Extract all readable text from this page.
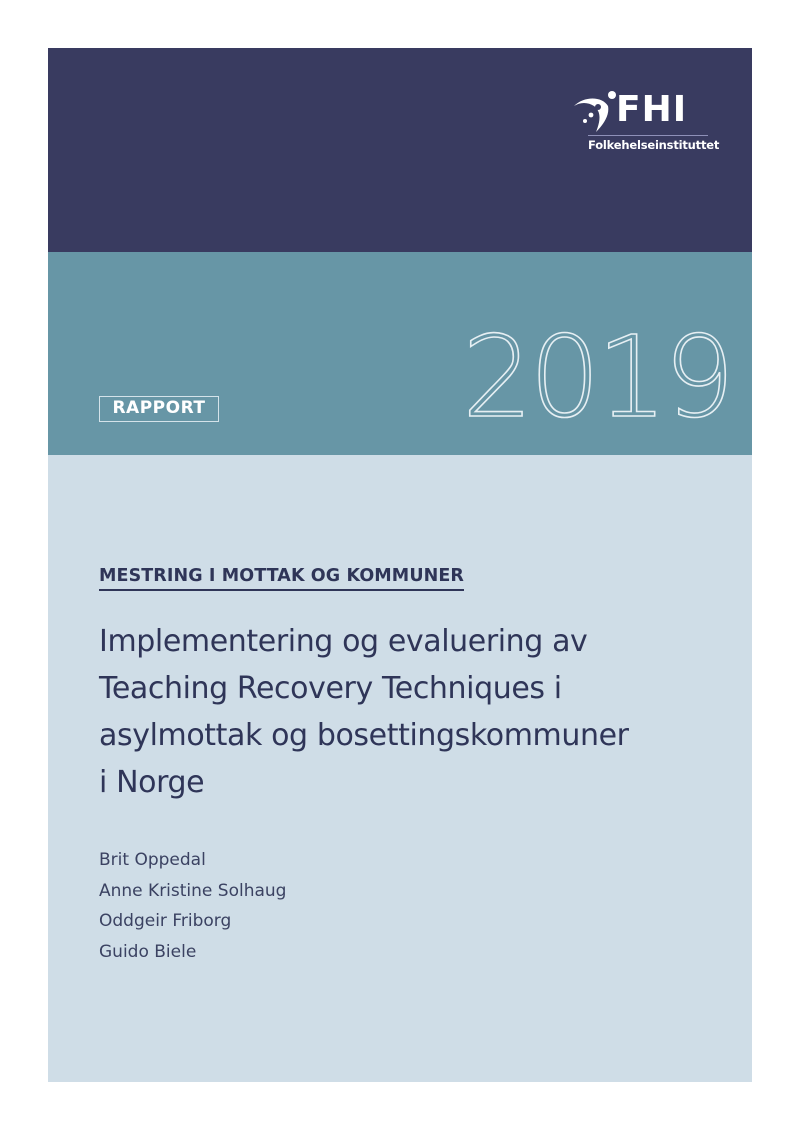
FHI
Folkehelseinstituttet
RAPPORT 2019
MESTRING I MOTTAK OG KOMMUNER
Implementering og evaluering av
Teaching Recovery Techniques i
asylmottak og bosettingskommuner
i Norge
Brit Oppedal
Anne Kristine Solhaug
Oddgeir Friborg
Guido Biele
